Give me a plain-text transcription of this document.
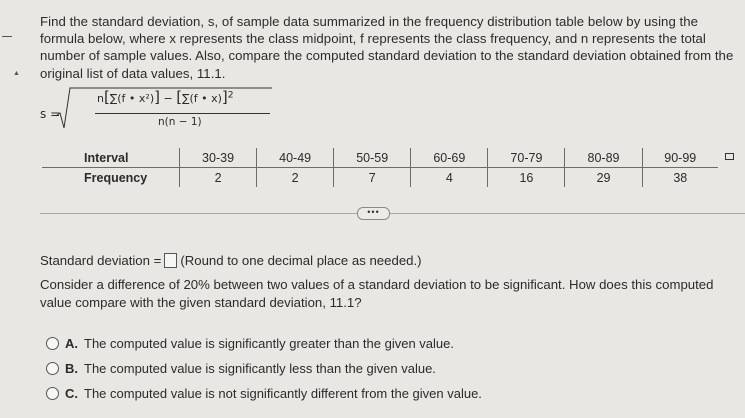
▲
Find the standard deviation, s, of sample data summarized in the frequency distribution table below by using the formula below, where x represents the class midpoint, f represents the class frequency, and n represents the total number of sample values. Also, compare the computed standard deviation to the standard deviation obtained from the original list of data values, 11.1.
s =
n[∑(f • x²)] − [∑(f • x)]$^2$
n(n − 1)
Interval	30-39	40-49	50-59	60-69	70-79	80-89	90-99
Frequency	2	2	7	4	16	29	38
•••
Standard deviation = (Round to one decimal place as needed.)
Consider a difference of 20% between two values of a standard deviation to be significant. How does this computed value compare with the given standard deviation, 11.1?
A. The computed value is significantly greater than the given value.
B. The computed value is significantly less than the given value.
C. The computed value is not significantly different from the given value.
